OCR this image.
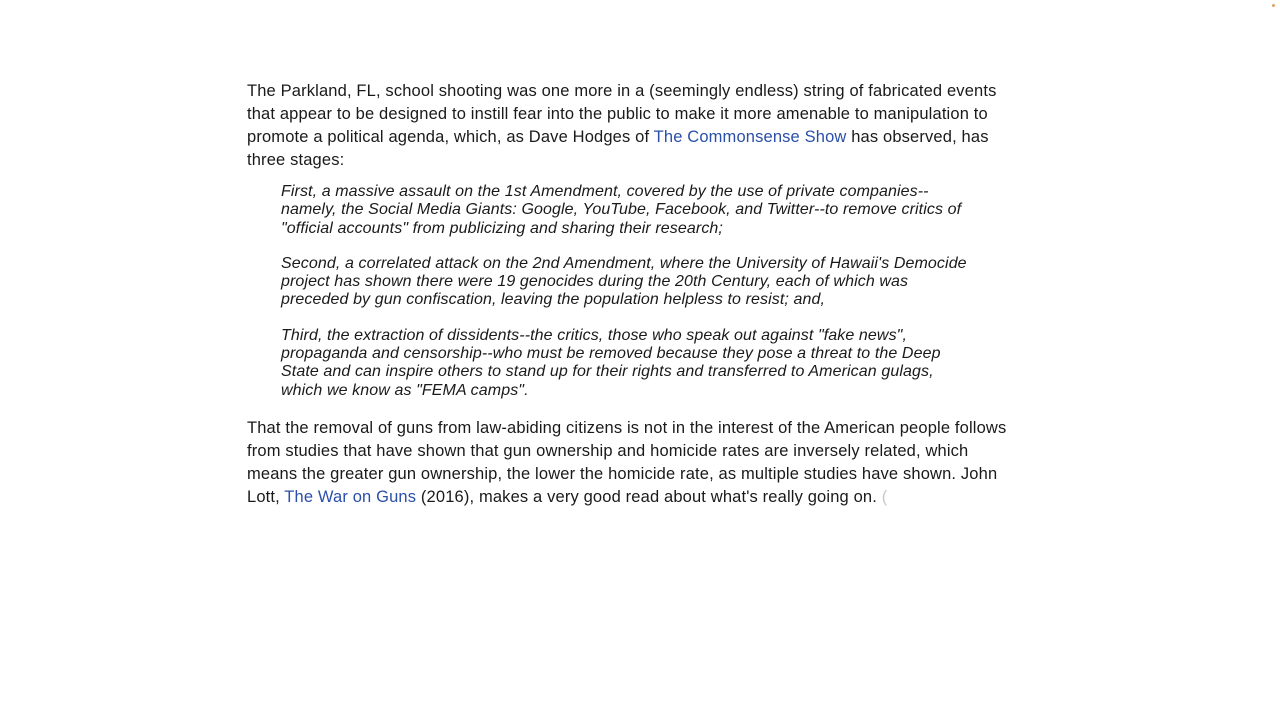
The Parkland, FL, school shooting was one more in a (seemingly endless) string of fabricated events that appear to be designed to instill fear into the public to make it more amenable to manipulation to promote a political agenda, which, as Dave Hodges of The Commonsense Show has observed, has three stages:

First, a massive assault on the 1st Amendment, covered by the use of private companies--namely, the Social Media Giants: Google, YouTube, Facebook, and Twitter--to remove critics of "official accounts" from publicizing and sharing their research;

Second, a correlated attack on the 2nd Amendment, where the University of Hawaii's Democide project has shown there were 19 genocides during the 20th Century, each of which was preceded by gun confiscation, leaving the population helpless to resist; and,

Third, the extraction of dissidents--the critics, those who speak out against "fake news", propaganda and censorship--who must be removed because they pose a threat to the Deep State and can inspire others to stand up for their rights and transferred to American gulags, which we know as "FEMA camps".

That the removal of guns from law-abiding citizens is not in the interest of the American people follows from studies that have shown that gun ownership and homicide rates are inversely related, which means the greater gun ownership, the lower the homicide rate, as multiple studies have shown. John Lott, The War on Guns (2016), makes a very good read about what's really going on. (
